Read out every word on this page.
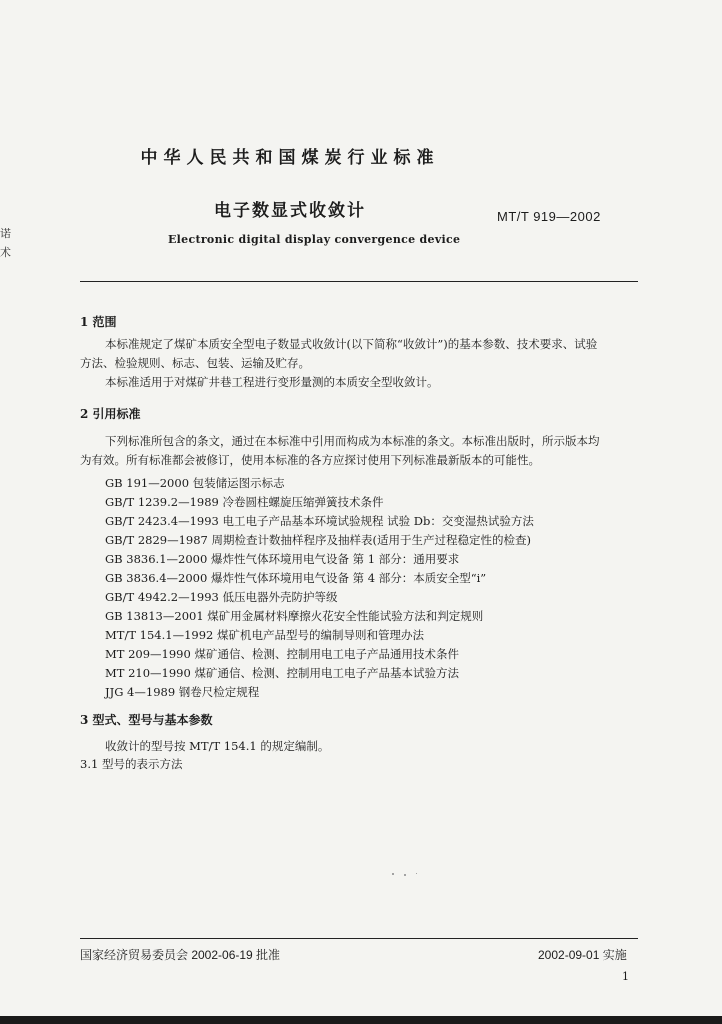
诺
术
中华人民共和国煤炭行业标准
电子数显式收敛计	MT/T 919—2002
Electronic digital display convergence device
1 范围
本标准规定了煤矿本质安全型电子数显式收敛计(以下简称“收敛计”)的基本参数、技术要求、试验
方法、检验规则、标志、包装、运输及贮存。
本标准适用于对煤矿井巷工程进行变形量测的本质安全型收敛计。
2 引用标准
下列标准所包含的条文，通过在本标准中引用而构成为本标准的条文。本标准出版时，所示版本均
为有效。所有标准都会被修订，使用本标准的各方应探讨使用下列标准最新版本的可能性。
GB 191—2000 包装储运图示标志
GB/T 1239.2—1989 冷卷圆柱螺旋压缩弹簧技术条件
GB/T 2423.4—1993 电工电子产品基本环境试验规程 试验 Db：交变湿热试验方法
GB/T 2829—1987 周期检查计数抽样程序及抽样表(适用于生产过程稳定性的检查)
GB 3836.1—2000 爆炸性气体环境用电气设备 第 1 部分：通用要求
GB 3836.4—2000 爆炸性气体环境用电气设备 第 4 部分：本质安全型“i”
GB/T 4942.2—1993 低压电器外壳防护等级
GB 13813—2001 煤矿用金属材料摩擦火花安全性能试验方法和判定规则
MT/T 154.1—1992 煤矿机电产品型号的编制导则和管理办法
MT 209—1990 煤矿通信、检测、控制用电工电子产品通用技术条件
MT 210—1990 煤矿通信、检测、控制用电工电子产品基本试验方法
JJG 4—1989 钢卷尺检定规程
3 型式、型号与基本参数
收敛计的型号按 MT/T 154.1 的规定编制。
3.1 型号的表示方法
国家经济贸易委员会 2002-06-19 批准	2002-09-01 实施
1
